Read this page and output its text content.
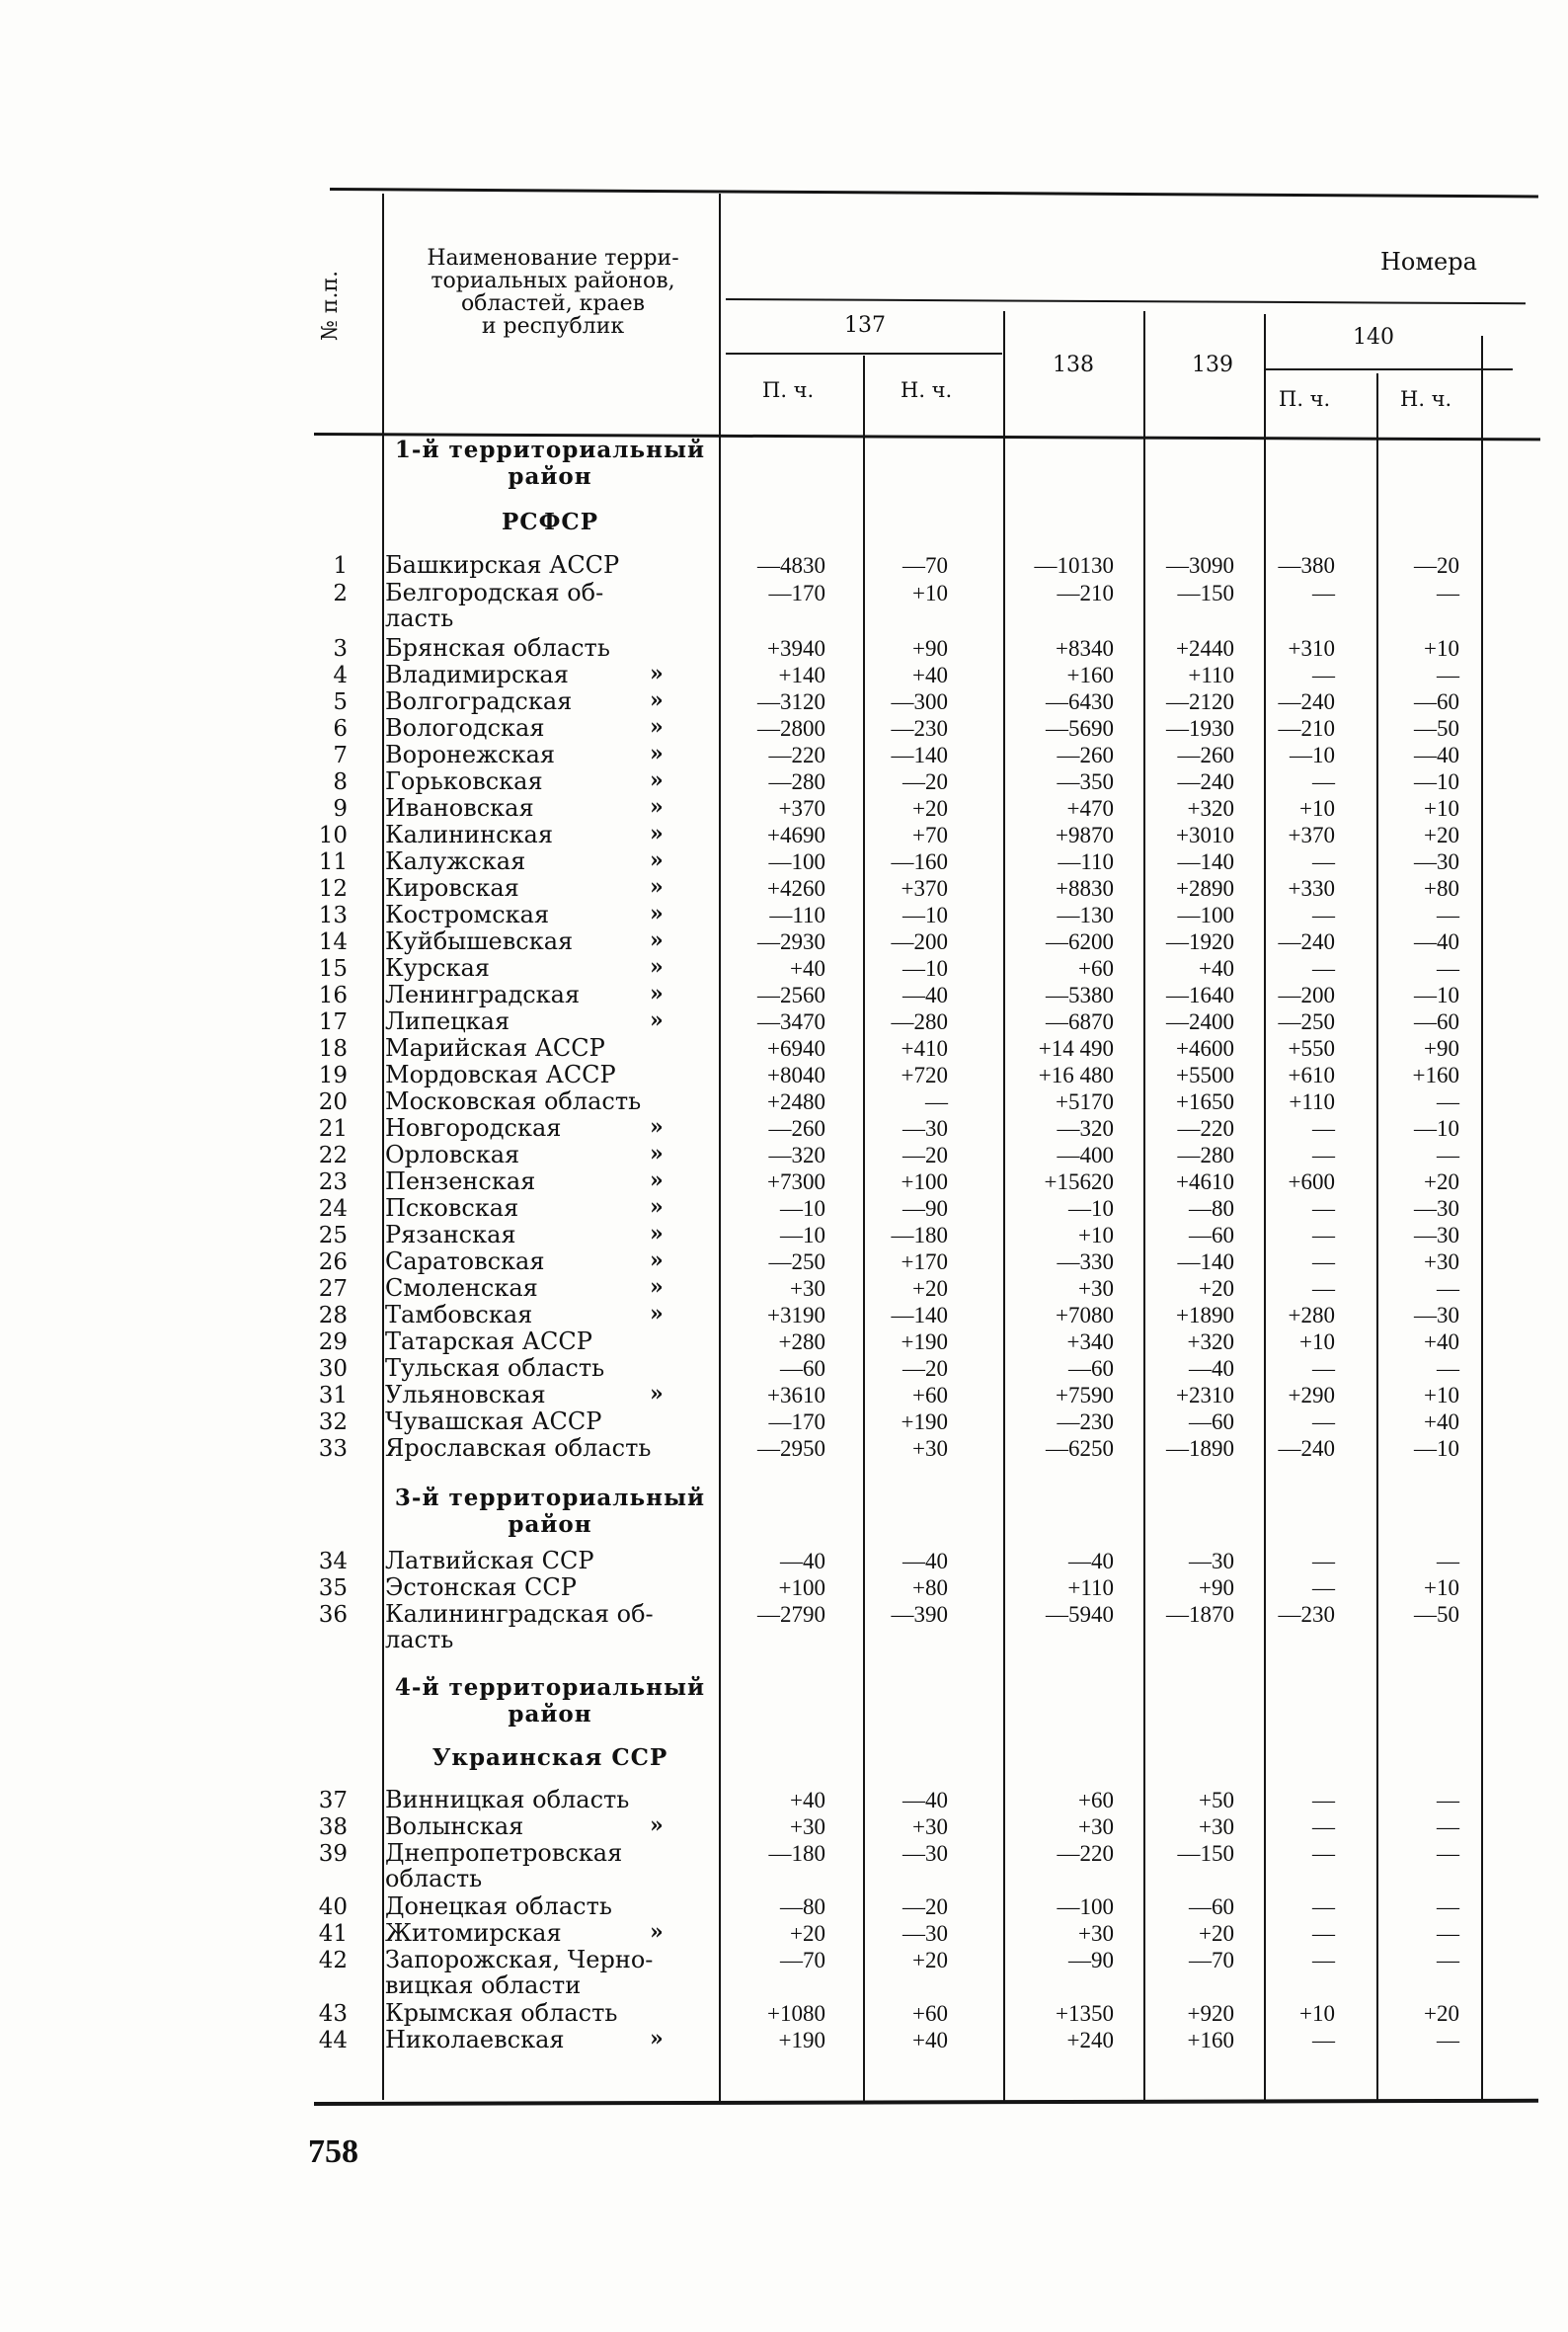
№ п.п.
Наименование терри-
ториальных районов,
областей, краев
и республик
Номера
137
138	139
140
П. ч.	Н. ч.	П. ч.	Н. ч.
1-й территориальный
район
РСФСР
3-й территориальный
район
4-й территориальный
район
Украинская ССР
1 Башкирская АССР	—4830	—70	—10130 —3090 —380	—20
2 Белгородская об-
ласть
—170	+10	—210	—150	—	—
3 Брянская область	+3940	+90	+8340	+2440 +310	+10
4 Владимирская	»	+140	+40	+160	+110	—	—
5 Волгоградская	»	—3120	—300	—6430 —2120 —240	—60
6 Вологодская	»	—2800	—230	—5690 —1930 —210	—50
7 Воронежская	»	—220	—140	—260	—260 —10	—40
8 Горьковская	»	—280	—20	—350	—240	—	—10
9 Ивановская	»	+370	+20	+470	+320	+10	+10
10 Калининская	»	+4690	+70	+9870	+3010 +370	+20
11 Калужская	»	—100	—160	—110	—140	—	—30
12 Кировская	»	+4260	+370	+8830	+2890 +330	+80
13 Костромская	»	—110	—10	—130	—100	—	—
14 Куйбышевская	»	—2930	—200	—6200 —1920 —240	—40
15 Курская	»	+40	—10	+60	+40	—	—
16 Ленинградская	»	—2560	—40	—5380 —1640 —200	—10
17 Липецкая	»	—3470	—280	—6870 —2400 —250	—60
18 Марийская АССР	+6940	+410	+14 490	+4600 +550	+90
19 Мордовская АССР	+8040	+720	+16 480	+5500 +610	+160
20 Московская область	+2480	—	+5170	+1650 +110	—
21 Новгородская	»	—260	—30	—320	—220	—	—10
22 Орловская	»	—320	—20	—400	—280	—	—
23 Пензенская	»	+7300	+100	+15620	+4610 +600	+20
24 Псковская	»	—10	—90	—10	—80	—	—30
25 Рязанская	»	—10	—180	+10	—60	—	—30
26 Саратовская	»	—250	+170	—330	—140	—	+30
27 Смоленская	»	+30	+20	+30	+20	—	—
28 Тамбовская	»	+3190	—140	+7080	+1890 +280	—30
29 Татарская АССР	+280	+190	+340	+320	+10	+40
30 Тульская область	—60	—20	—60	—40	—	—
31 Ульяновская	»	+3610	+60	+7590	+2310 +290	+10
32 Чувашская АССР	—170	+190	—230	—60	—	+40
33 Ярославская область	—2950	+30	—6250 —1890 —240	—10
34 Латвийская ССР	—40	—40	—40	—30	—	—
35 Эстонская ССР	+100	+80	+110	+90	—	+10
36 Калининградская об-
ласть
—2790	—390	—5940 —1870 —230	—50
37 Винницкая область	+40	—40	+60	+50	—	—
38 Волынская	»	+30	+30	+30	+30	—	—
39 Днепропетровская
область
—180	—30	—220	—150	—	—
40 Донецкая область	—80	—20	—100	—60	—	—
41 Житомирская	»	+20	—30	+30	+20	—	—
42 Запорожская, Черно-
вицкая области
—70	+20	—90	—70	—	—
43 Крымская область	+1080	+60	+1350	+920	+10	+20
44 Николаевская	»	+190	+40	+240	+160	—	—
758
